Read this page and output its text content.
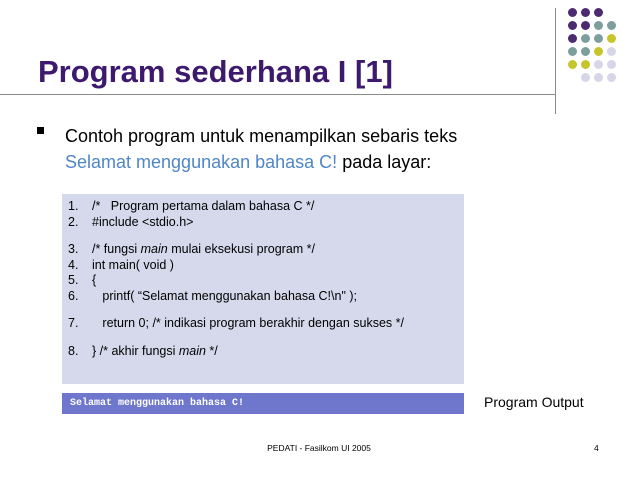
Program sederhana I [1]
Contoh program untuk menampilkan sebaris teks
Selamat menggunakan bahasa C! pada layar:
1. /*   Program pertama dalam bahasa C */
2. #include <stdio.h>
3. /* fungsi main mulai eksekusi program */
4. int main( void )
5. {
6.   printf( “Selamat menggunakan bahasa C!\n" );
7.   return 0; /* indikasi program berakhir dengan sukses */
8. } /* akhir fungsi main */
Selamat menggunakan bahasa C!	Program Output
PEDATI - Fasilkom UI 2005	4
